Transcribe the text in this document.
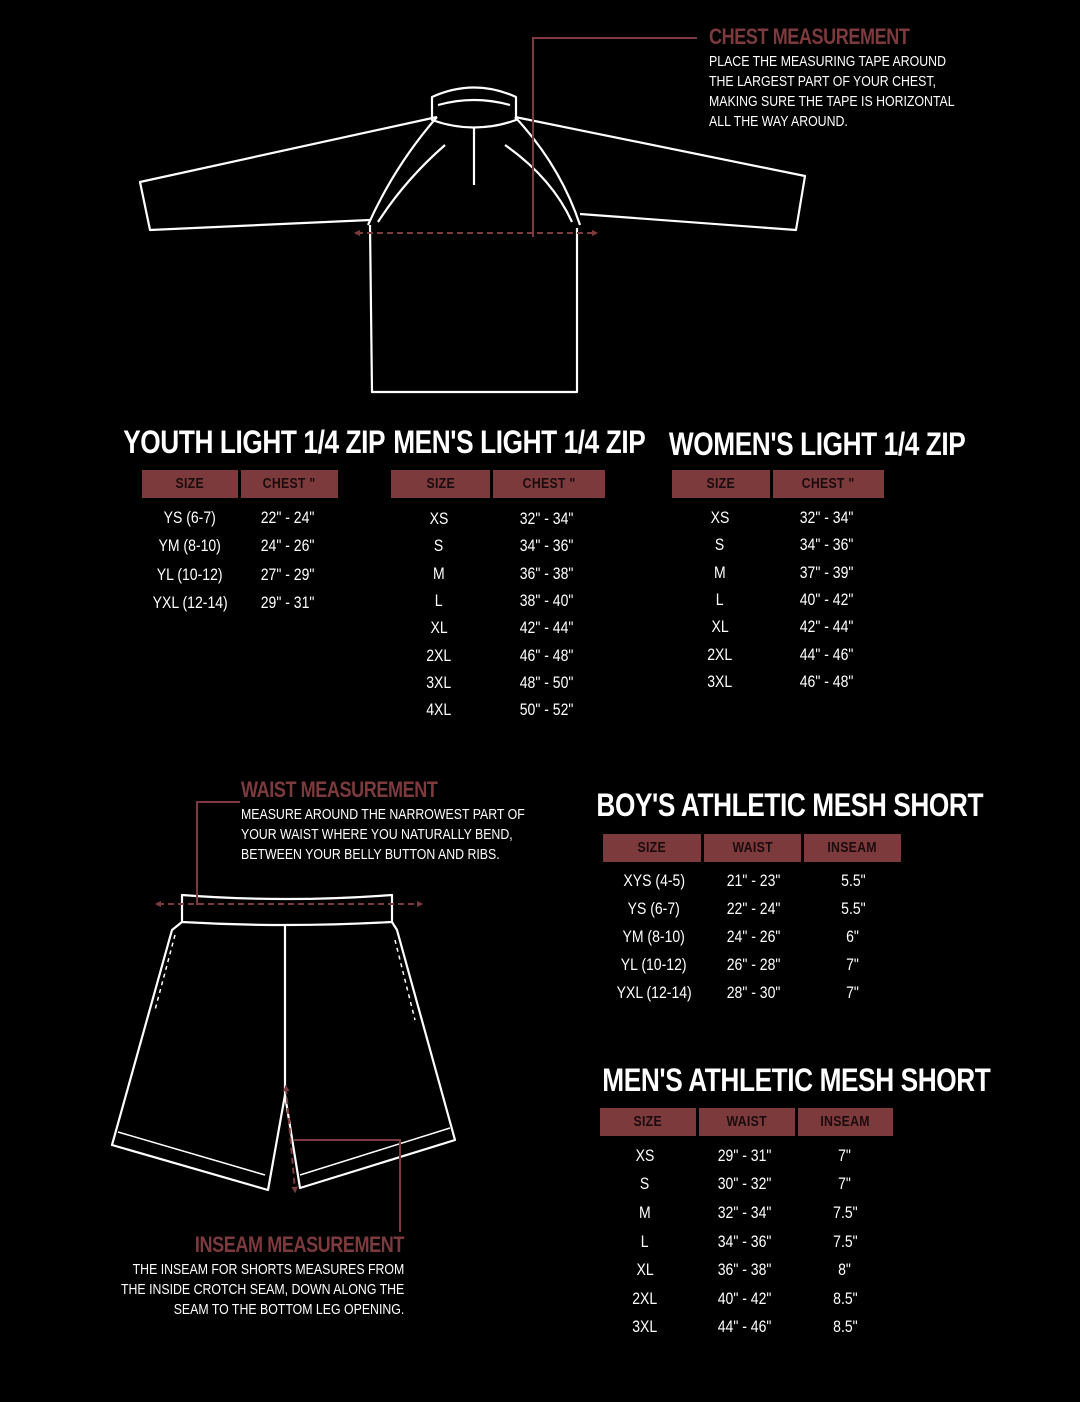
CHEST MEASUREMENT
PLACE THE MEASURING TAPE AROUND
THE LARGEST PART OF YOUR CHEST,
MAKING SURE THE TAPE IS HORIZONTAL
ALL THE WAY AROUND.
WAIST MEASUREMENT
MEASURE AROUND THE NARROWEST PART OF
YOUR WAIST WHERE YOU NATURALLY BEND,
BETWEEN YOUR BELLY BUTTON AND RIBS.
INSEAM MEASUREMENT
THE INSEAM FOR SHORTS MEASURES FROM
THE INSIDE CROTCH SEAM, DOWN ALONG THE
SEAM TO THE BOTTOM LEG OPENING.
YOUTH LIGHT 1/4 ZIP
SIZE	CHEST "
YS (6-7)	22" - 24"
YM (8-10) 24" - 26"
YL (10-12) 27" - 29"
YXL (12-14) 29" - 31"
MEN'S LIGHT 1/4 ZIP
SIZE	CHEST "
XS	32" - 34"
S	34" - 36"
M	36" - 38"
L	38" - 40"
XL	42" - 44"
2XL	46" - 48"
3XL	48" - 50"
4XL	50" - 52"
WOMEN'S LIGHT 1/4 ZIP
SIZE	CHEST "
XS	32" - 34"
S	34" - 36"
M	37" - 39"
L	40" - 42"
XL	42" - 44"
2XL	44" - 46"
3XL	46" - 48"
BOY'S ATHLETIC MESH SHORT
SIZE	WAIST	INSEAM
XYS (4-5)	21" - 23"	5.5"
YS (6-7)	22" - 24"	5.5"
YM (8-10)	24" - 26"	6"
YL (10-12) 26" - 28"	7"
YXL (12-14) 28" - 30"	7"
MEN'S ATHLETIC MESH SHORT
SIZE	WAIST	INSEAM
XS	29" - 31"	7"
S	30" - 32"	7"
M	32" - 34"	7.5"
L	34" - 36"	7.5"
XL	36" - 38"	8"
2XL	40" - 42"	8.5"
3XL	44" - 46"	8.5"
